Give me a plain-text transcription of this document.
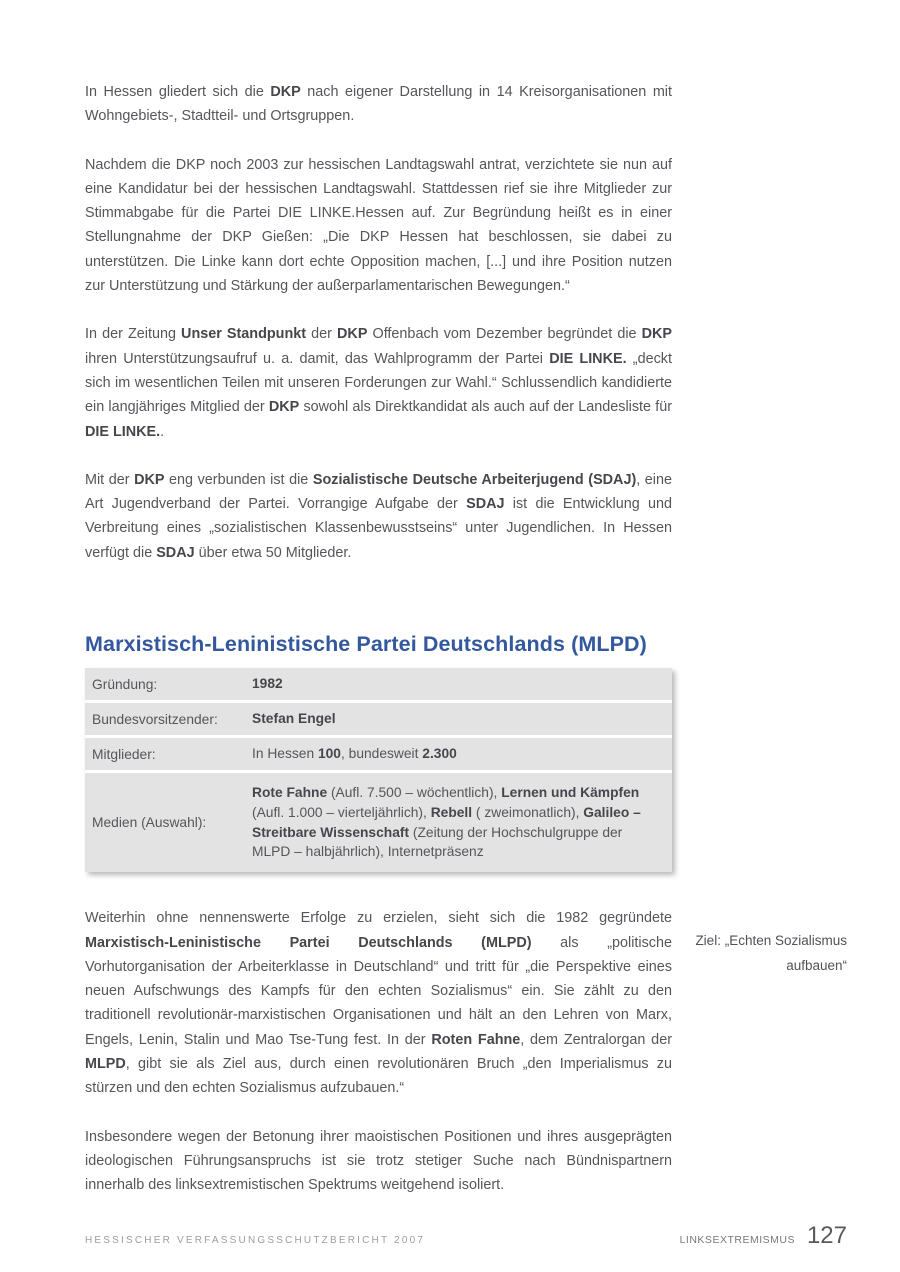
In Hessen gliedert sich die DKP nach eigener Darstellung in 14 Kreisorganisationen mit Wohngebiets-, Stadtteil- und Ortsgruppen.

Nachdem die DKP noch 2003 zur hessischen Landtagswahl antrat, verzichtete sie nun auf eine Kandidatur bei der hessischen Landtagswahl. Stattdessen rief sie ihre Mitglieder zur Stimmabgabe für die Partei DIE LINKE.Hessen auf. Zur Begründung heißt es in einer Stellungnahme der DKP Gießen: „Die DKP Hessen hat beschlossen, sie dabei zu unterstützen. Die Linke kann dort echte Opposition machen, [...] und ihre Position nutzen zur Unterstützung und Stärkung der außerparlamentarischen Bewegungen.“

In der Zeitung Unser Standpunkt der DKP Offenbach vom Dezember begründet die DKP ihren Unterstützungsaufruf u. a. damit, das Wahlprogramm der Partei DIE LINKE. „deckt sich im wesentlichen Teilen mit unseren Forderungen zur Wahl.“ Schlussendlich kandidierte ein langjähriges Mitglied der DKP sowohl als Direktkandidat als auch auf der Landesliste für DIE LINKE..

Mit der DKP eng verbunden ist die Sozialistische Deutsche Arbeiterjugend (SDAJ), eine Art Jugendverband der Partei. Vorrangige Aufgabe der SDAJ ist die Entwicklung und Verbreitung eines „sozialistischen Klassenbewusstseins“ unter Jugendlichen. In Hessen verfügt die SDAJ über etwa 50 Mitglieder.

Marxistisch-Leninistische Partei Deutschlands (MLPD)
Gründung:	1982
Bundesvorsitzender:	Stefan Engel
Mitglieder:	In Hessen 100, bundesweit 2.300
Medien (Auswahl):
Rote Fahne (Aufl. 7.500 – wöchentlich), Lernen und Kämpfen (Aufl. 1.000 – vierteljährlich), Rebell ( zweimonatlich), Galileo – Streitbare Wissenschaft (Zeitung der Hochschulgruppe der MLPD – halbjährlich), Internetpräsenz

Weiterhin ohne nennenswerte Erfolge zu erzielen, sieht sich die 1982 gegründete Marxistisch-Leninistische Partei Deutschlands (MLPD) als „politische Vorhutorganisation der Arbeiterklasse in Deutschland“ und tritt für „die Perspektive eines neuen Aufschwungs des Kampfs für den echten Sozialismus“ ein. Sie zählt zu den traditionell revolutionär-marxistischen Organisationen und hält an den Lehren von Marx, Engels, Lenin, Stalin und Mao Tse-Tung fest. In der Roten Fahne, dem Zentralorgan der MLPD, gibt sie als Ziel aus, durch einen revolutionären Bruch „den Imperialismus zu stürzen und den echten Sozialismus aufzubauen.“

Insbesondere wegen der Betonung ihrer maoistischen Positionen und ihres ausgeprägten ideologischen Führungsanspruchs ist sie trotz stetiger Suche nach Bündnispartnern innerhalb des linksextremistischen Spektrums weitgehend isoliert.

Ziel: „Echten Sozialismus
aufbauen“
HESSISCHER VERFASSUNGSSCHUTZBERICHT 2007	LINKSEXTREMISMUS 127
